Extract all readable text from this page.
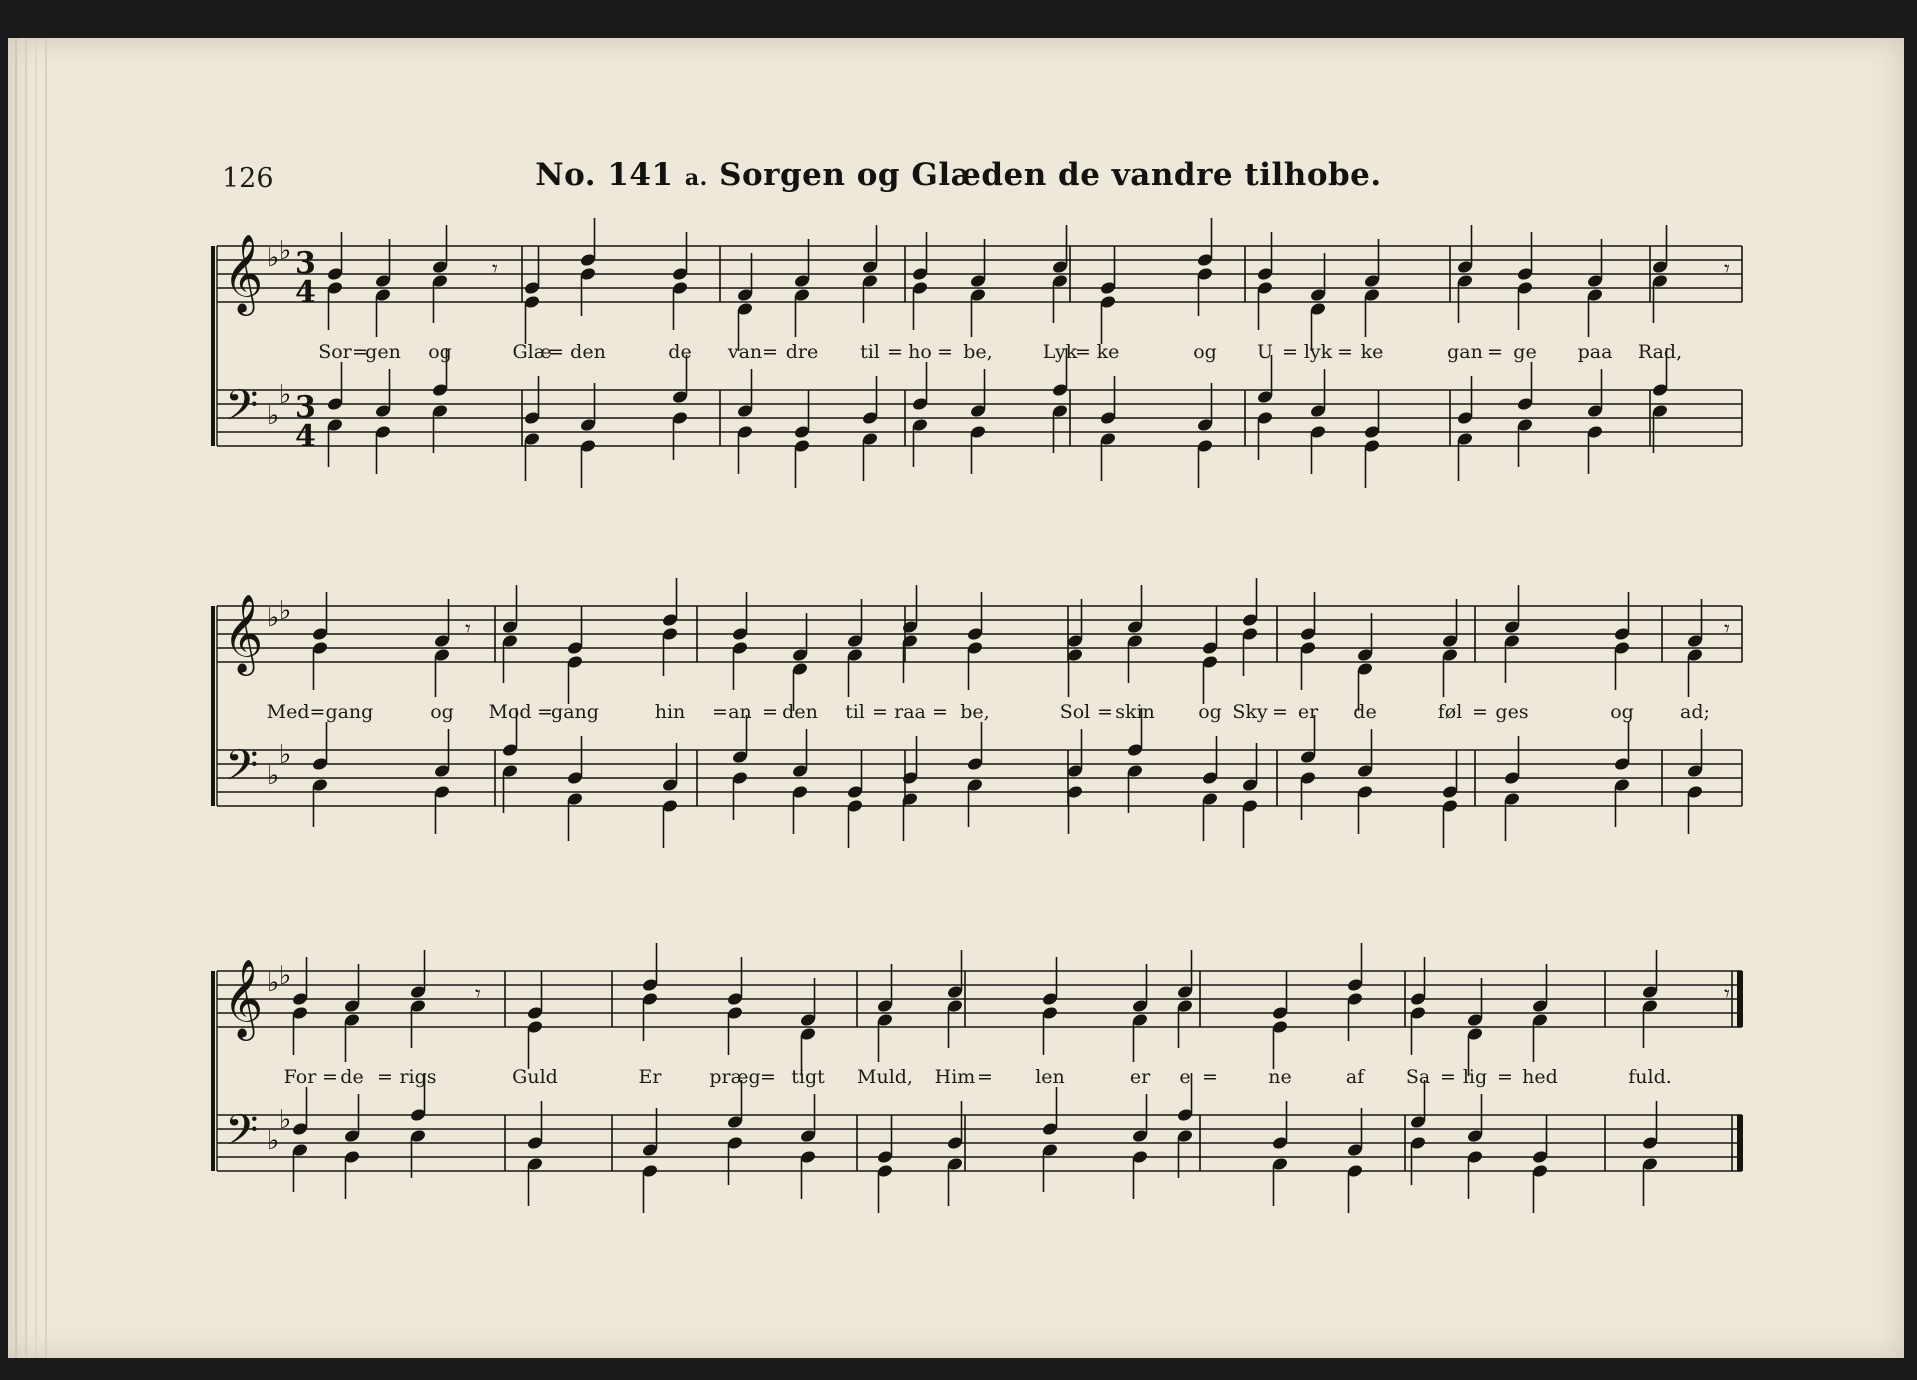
126	No. 141 a. Sorgen og Glæden de vandre tilhobe.
𝄞
𝄢
♭ ♭
♭
♭
3
4
3
4
𝄾	𝄾
Sor =
gen og	Glæ
= den	de van = dre til = ho = be,	Lyk
= ke	og U = lyk = ke	gan = ge paa Rad,
𝄞
𝄢
♭ ♭
♭
♭
𝄾	𝄾
Med=gang	og Mod =
gang	hin = an = den til = raa = be,	Sol = skin og Sky = er de	føl = ges	og ad;
𝄞
𝄢
♭ ♭
♭
♭
𝄾	𝄾
For = de = rigs	Guld	Er	præg = tigt Muld, Him = len	er e =	ne	af Sa = lig = hed	fuld.
